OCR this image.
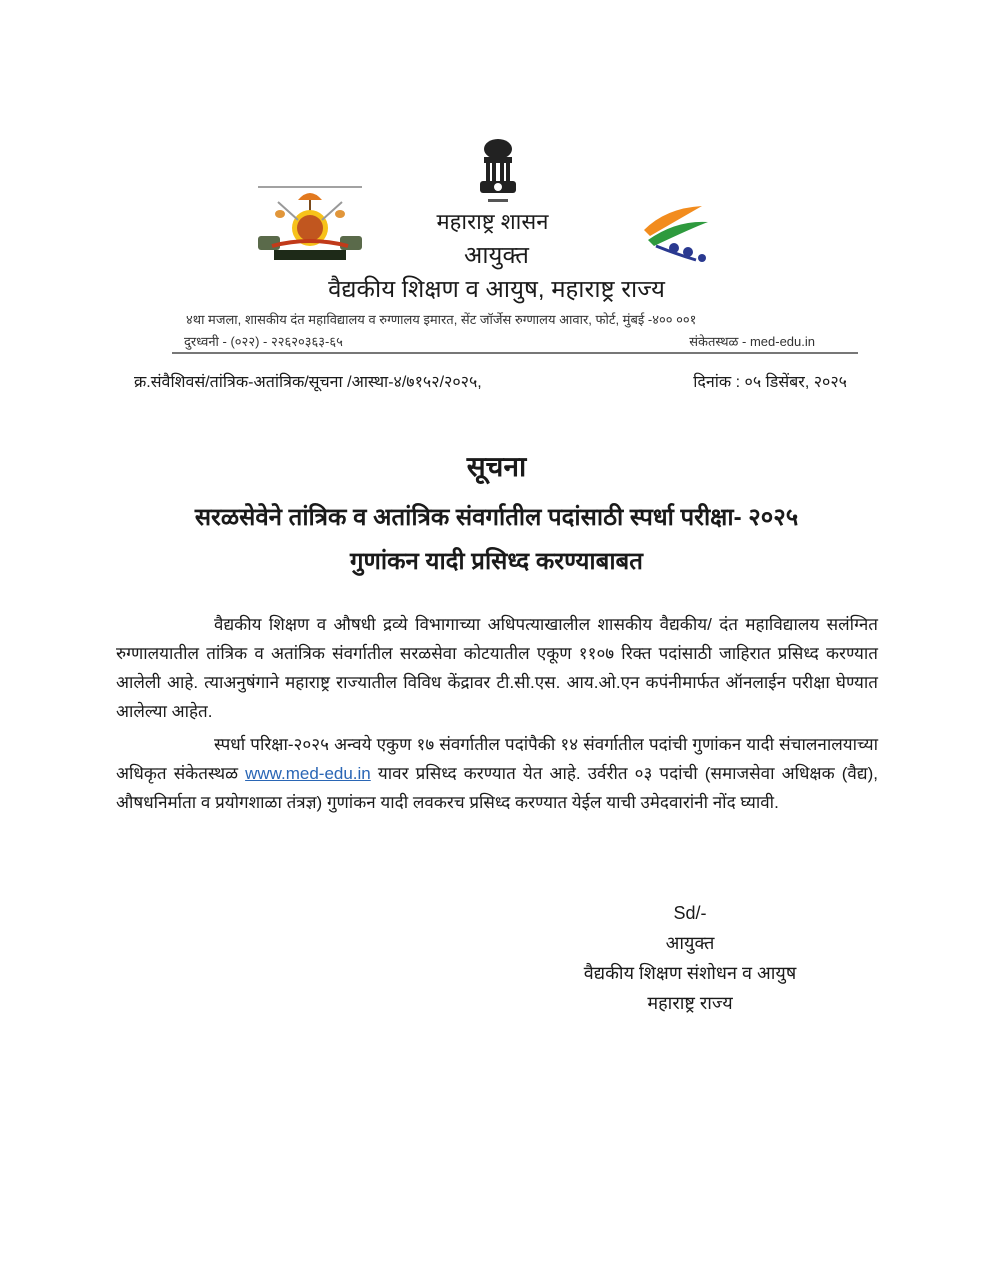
महाराष्ट्र शासन
आयुक्त
वैद्यकीय शिक्षण व आयुष, महाराष्ट्र राज्य
४था मजला, शासकीय दंत महाविद्यालय व रुग्णालय इमारत, सेंट जॉर्जेस रुग्णालय आवार, फोर्ट, मुंबई -४०० ००१
दुरध्वनी - (०२२) - २२६२०३६३-६५	संकेतस्थळ - med-edu.in
क्र.संवैशिवसं/तांत्रिक-अतांत्रिक/सूचना /आस्था-४/७१५२/२०२५,	दिनांक : ०५ डिसेंबर, २०२५
सूचना
सरळसेवेने तांत्रिक व अतांत्रिक संवर्गातील पदांसाठी स्पर्धा परीक्षा- २०२५
गुणांकन यादी प्रसिध्द करण्याबाबत
वैद्यकीय शिक्षण व औषधी द्रव्ये विभागाच्या अधिपत्याखालील शासकीय वैद्यकीय/ दंत महाविद्यालय सलंग्नित रुग्णालयातील तांत्रिक व अतांत्रिक संवर्गातील सरळसेवा कोटयातील एकूण ११०७ रिक्त पदांसाठी जाहिरात प्रसिध्द करण्यात आलेली आहे. त्याअनुषंगाने महाराष्ट्र राज्यातील विविध केंद्रावर टी.सी.एस. आय.ओ.एन कपंनीमार्फत ऑनलाईन परीक्षा घेण्यात आलेल्या आहेत.
स्पर्धा परिक्षा-२०२५ अन्वये एकुण १७ संवर्गातील पदांपैकी १४ संवर्गातील पदांची गुणांकन यादी संचालनालयाच्या अधिकृत संकेतस्थळ www.med-edu.in यावर प्रसिध्द करण्यात येत आहे. उर्वरीत ०३ पदांची (समाजसेवा अधिक्षक (वैद्य), औषधनिर्माता व प्रयोगशाळा तंत्रज्ञ) गुणांकन यादी लवकरच प्रसिध्द करण्यात येईल याची उमेदवारांनी नोंद घ्यावी.
Sd/-
आयुक्त
वैद्यकीय शिक्षण संशोधन व आयुष
महाराष्ट्र राज्य
